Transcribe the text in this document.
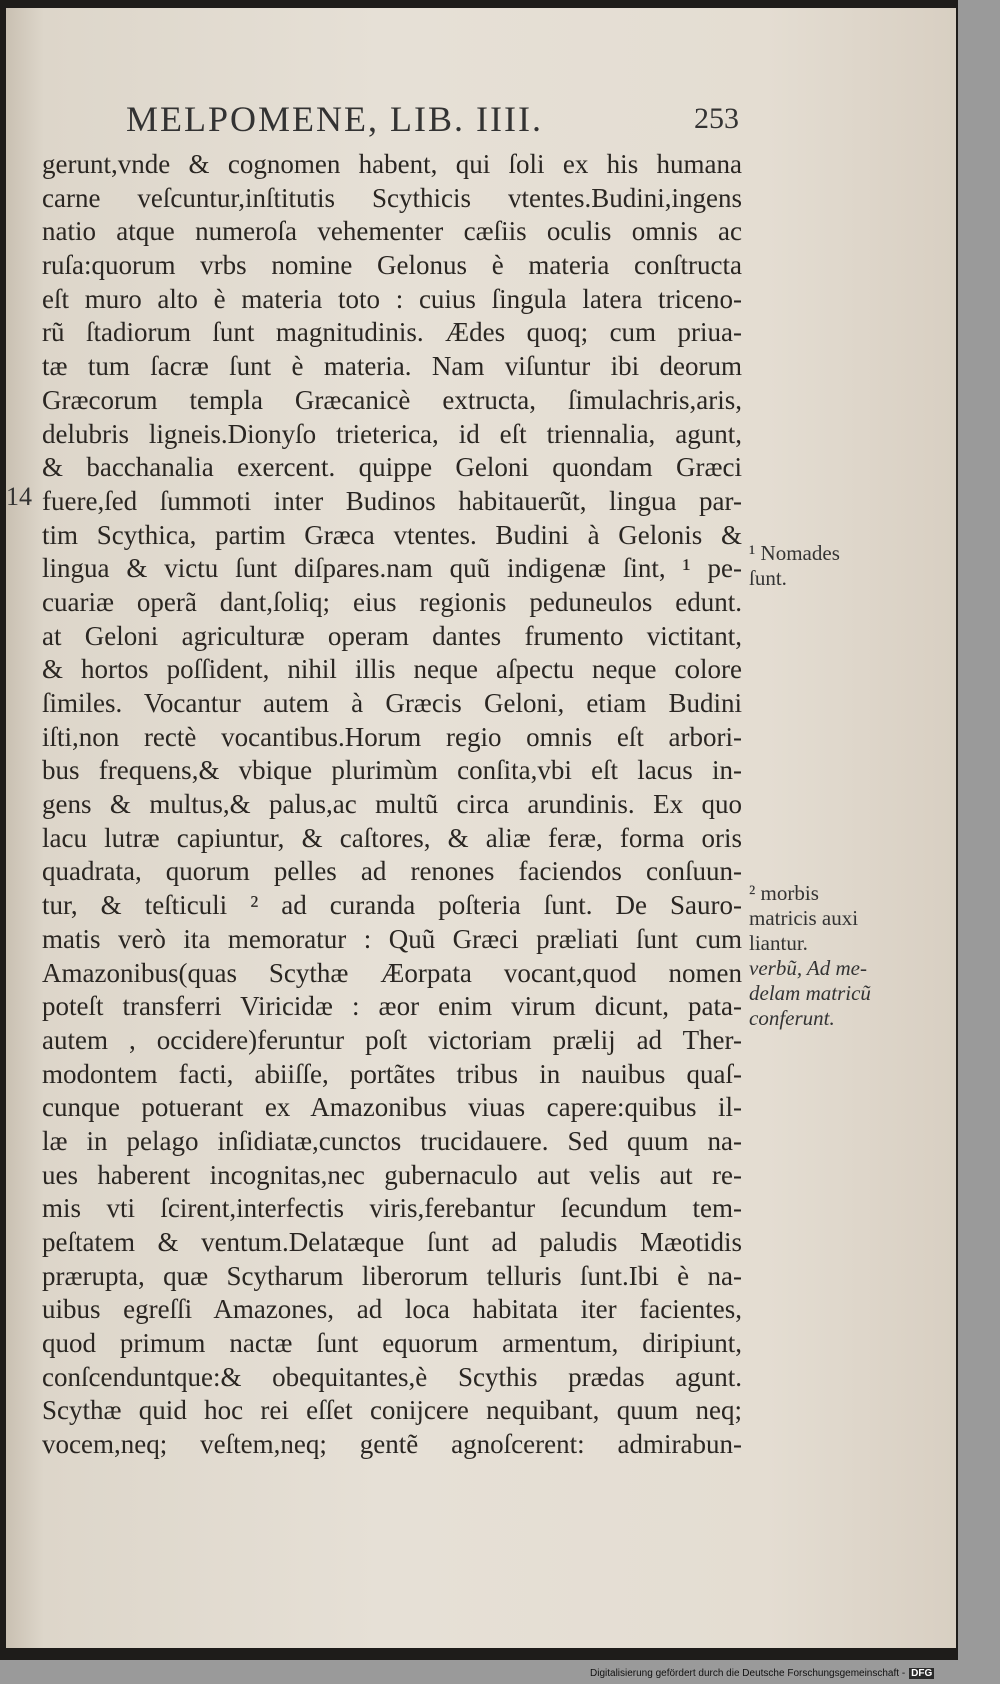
MELPOMENE, LIB. IIII.	253
14
gerunt,vnde & cognomen habent, qui ſoli ex his humana
carne veſcuntur,inſtitutis Scythicis vtentes.Budini,ingens
natio atque numeroſa vehementer cæſiis oculis omnis ac
ruſa:quorum vrbs nomine Gelonus è materia conſtructa
eſt muro alto è materia toto : cuius ſingula latera triceno-
rũ ſtadiorum ſunt magnitudinis. Ædes quoq; cum priua-
tæ tum ſacræ ſunt è materia. Nam viſuntur ibi deorum
Græcorum templa Græcanicè extructa, ſimulachris,aris,
delubris ligneis.Dionyſo trieterica, id eſt triennalia, agunt,
& bacchanalia exercent. quippe Geloni quondam Græci
fuere,ſed ſummoti inter Budinos habitauerũt, lingua par-
tim Scythica, partim Græca vtentes. Budini à Gelonis &
lingua & victu ſunt diſpares.nam quũ indigenæ ſint, ¹ pe-
cuariæ operã dant,ſoliq; eius regionis peduneulos edunt.
at Geloni agriculturæ operam dantes frumento victitant,
& hortos poſſident, nihil illis neque aſpectu neque colore
ſimiles. Vocantur autem à Græcis Geloni, etiam Budini
iſti,non rectè vocantibus.Horum regio omnis eſt arbori-
bus frequens,& vbique plurimùm conſita,vbi eſt lacus in-
gens & multus,& palus,ac multũ circa arundinis. Ex quo
lacu lutræ capiuntur, & caſtores, & aliæ feræ, forma oris
quadrata, quorum pelles ad renones faciendos conſuun-
tur, & teſticuli ² ad curanda poſteria ſunt. De Sauro-
matis verò ita memoratur : Quũ Græci præliati ſunt cum
Amazonibus(quas Scythæ Æorpata vocant,quod nomen
poteſt transferri Viricidæ : æor enim virum dicunt, pata-
autem , occidere)feruntur poſt victoriam prælij ad Ther-
modontem facti, abiiſſe, portãtes tribus in nauibus quaſ-
cunque potuerant ex Amazonibus viuas capere:quibus il-
læ in pelago inſidiatæ,cunctos trucidauere. Sed quum na-
ues haberent incognitas,nec gubernaculo aut velis aut re-
mis vti ſcirent,interfectis viris,ferebantur ſecundum tem-
peſtatem & ventum.Delatæque ſunt ad paludis Mæotidis
prærupta, quæ Scytharum liberorum telluris ſunt.Ibi è na-
uibus egreſſi Amazones, ad loca habitata iter facientes,
quod primum nactæ ſunt equorum armentum, diripiunt,
conſcenduntque:& obequitantes,è Scythis prædas agunt.
Scythæ quid hoc rei eſſet conijcere nequibant, quum neq;
vocem,neq; veſtem,neq; gentẽ agnoſcerent: admirabun-
¹ Nomades
ſunt.
² morbis
matricis auxi
liantur.
verbũ, Ad me-
delam matricũ
conferunt.
Digitalisierung gefördert durch die Deutsche Forschungsgemeinschaft - DFG
